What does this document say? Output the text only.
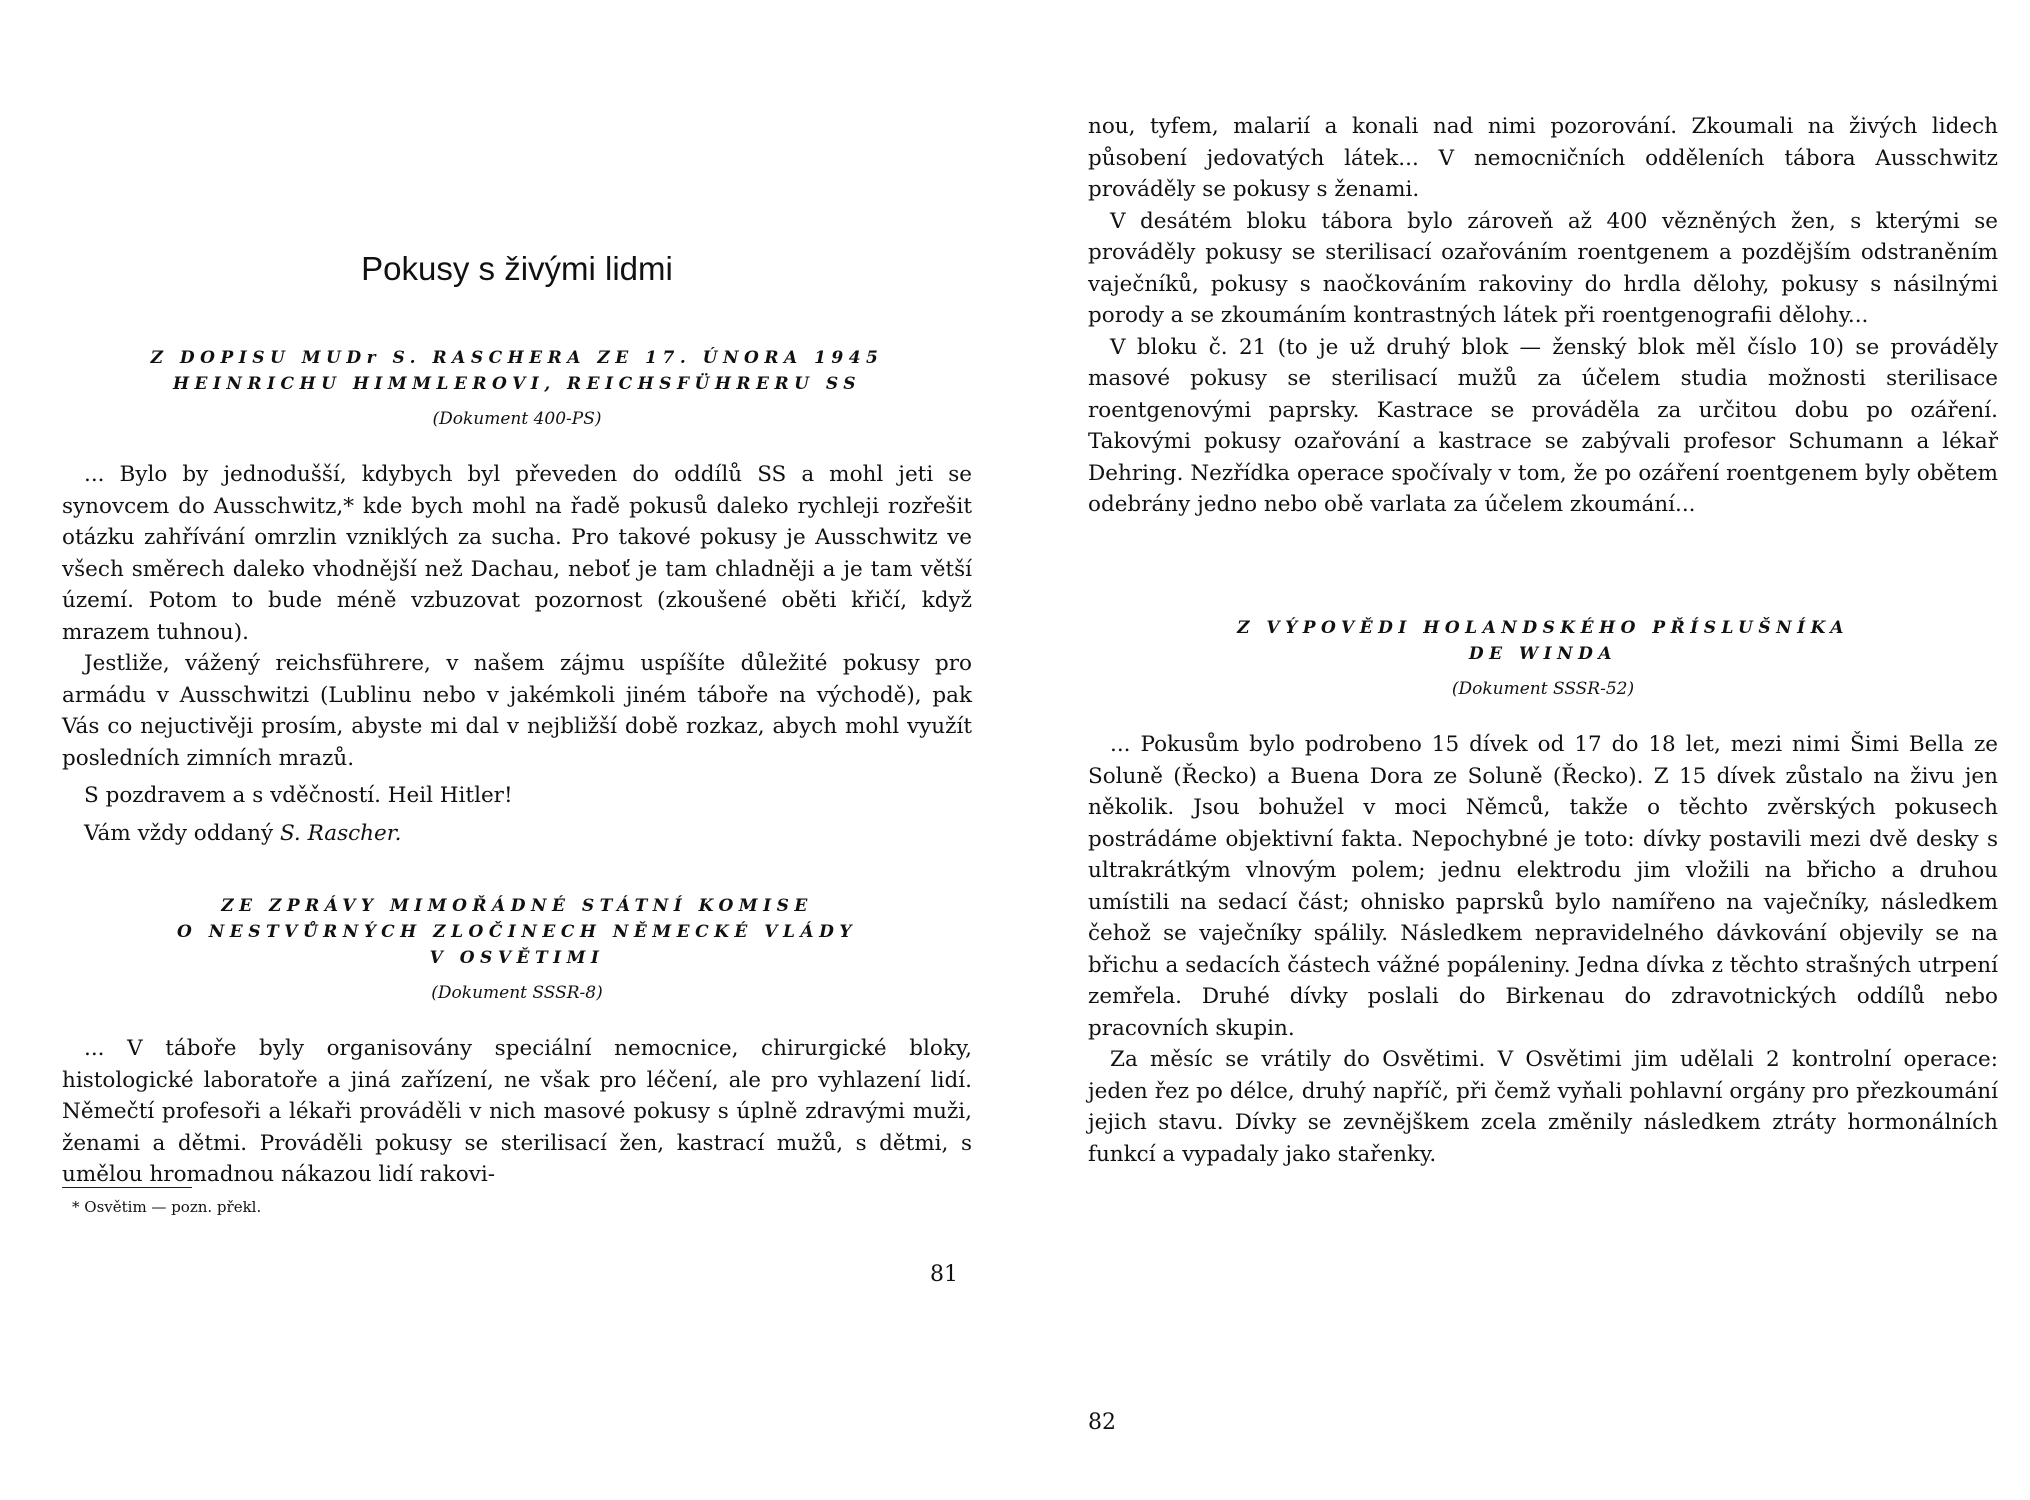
Pokusy s živými lidmi

Z DOPISU MUDr S. RASCHERA ZE 17. ÚNORA 1945

HEINRICHU HIMMLEROVI, REICHSFÜHRERU SS

(Dokument 400-PS)

... Bylo by jednodušší, kdybych byl převeden do oddílů SS a mohl jeti se synovcem do Ausschwitz,* kde bych mohl na řadě pokusů daleko rychleji rozřešit otázku zahřívání omrzlin vzniklých za sucha. Pro takové pokusy je Ausschwitz ve všech směrech daleko vhodnější než Dachau, neboť je tam chladněji a je tam větší území. Potom to bude méně vzbuzovat pozornost (zkoušené oběti křičí, když mrazem tuhnou).

Jestliže, vážený reichsführere, v našem zájmu uspíšíte důležité pokusy pro armádu v Ausschwitzi (Lublinu nebo v jakémkoli jiném táboře na východě), pak Vás co nejuctivěji prosím, abyste mi dal v nejbližší době rozkaz, abych mohl využít posledních zimních mrazů.

S pozdravem a s vděčností. Heil Hitler!

Vám vždy oddaný S. Rascher.

ZE ZPRÁVY MIMOŘÁDNÉ STÁTNÍ KOMISE

O NESTVŮRNÝCH ZLOČINECH NĚMECKÉ VLÁDY

V OSVĚTIMI

(Dokument SSSR-8)

... V táboře byly organisovány speciální nemocnice, chirurgické bloky, histologické laboratoře a jiná zařízení, ne však pro léčení, ale pro vyhlazení lidí. Němečtí profesoři a lékaři prováděli v nich masové pokusy s úplně zdravými muži, ženami a dětmi. Prováděli pokusy se sterilisací žen, kastrací mužů, s dětmi, s umělou hromadnou nákazou lidí rakovi-

* Osvětim — pozn. překl.

81

nou, tyfem, malarií a konali nad nimi pozorování. Zkoumali na živých lidech působení jedovatých látek... V nemocničních odděleních tábora Ausschwitz prováděly se pokusy s ženami.

V desátém bloku tábora bylo zároveň až 400 vězněných žen, s kterými se prováděly pokusy se sterilisací ozařováním roentgenem a pozdějším odstraněním vaječníků, pokusy s naočkováním rakoviny do hrdla dělohy, pokusy s násilnými porody a se zkoumáním kontrastných látek při roentgenografii dělohy...

V bloku č. 21 (to je už druhý blok — ženský blok měl číslo 10) se prováděly masové pokusy se sterilisací mužů za účelem studia možnosti sterilisace roentgenovými paprsky. Kastrace se prováděla za určitou dobu po ozáření. Takovými pokusy ozařování a kastrace se zabývali profesor Schumann a lékař Dehring. Nezřídka operace spočívaly v tom, že po ozáření roentgenem byly obětem odebrány jedno nebo obě varlata za účelem zkoumání...

Z VÝPOVĚDI HOLANDSKÉHO PŘÍSLUŠNÍKA

DE WINDA

(Dokument SSSR-52)

... Pokusům bylo podrobeno 15 dívek od 17 do 18 let, mezi nimi Šimi Bella ze Soluně (Řecko) a Buena Dora ze Soluně (Řecko). Z 15 dívek zůstalo na živu jen několik. Jsou bohužel v moci Němců, takže o těchto zvěrských pokusech postrádáme objektivní fakta. Nepochybné je toto: dívky postavili mezi dvě desky s ultrakrátkým vlnovým polem; jednu elektrodu jim vložili na břicho a druhou umístili na sedací část; ohnisko paprsků bylo namířeno na vaječníky, následkem čehož se vaječníky spálily. Následkem nepravidelného dávkování objevily se na břichu a sedacích částech vážné popáleniny. Jedna dívka z těchto strašných utrpení zemřela. Druhé dívky poslali do Birkenau do zdravotnických oddílů nebo pracovních skupin.

Za měsíc se vrátily do Osvětimi. V Osvětimi jim udělali 2 kontrolní operace: jeden řez po délce, druhý napříč, při čemž vyňali pohlavní orgány pro přezkoumání jejich stavu. Dívky se zevnějškem zcela změnily následkem ztráty hormonálních funkcí a vypadaly jako stařenky.

82
